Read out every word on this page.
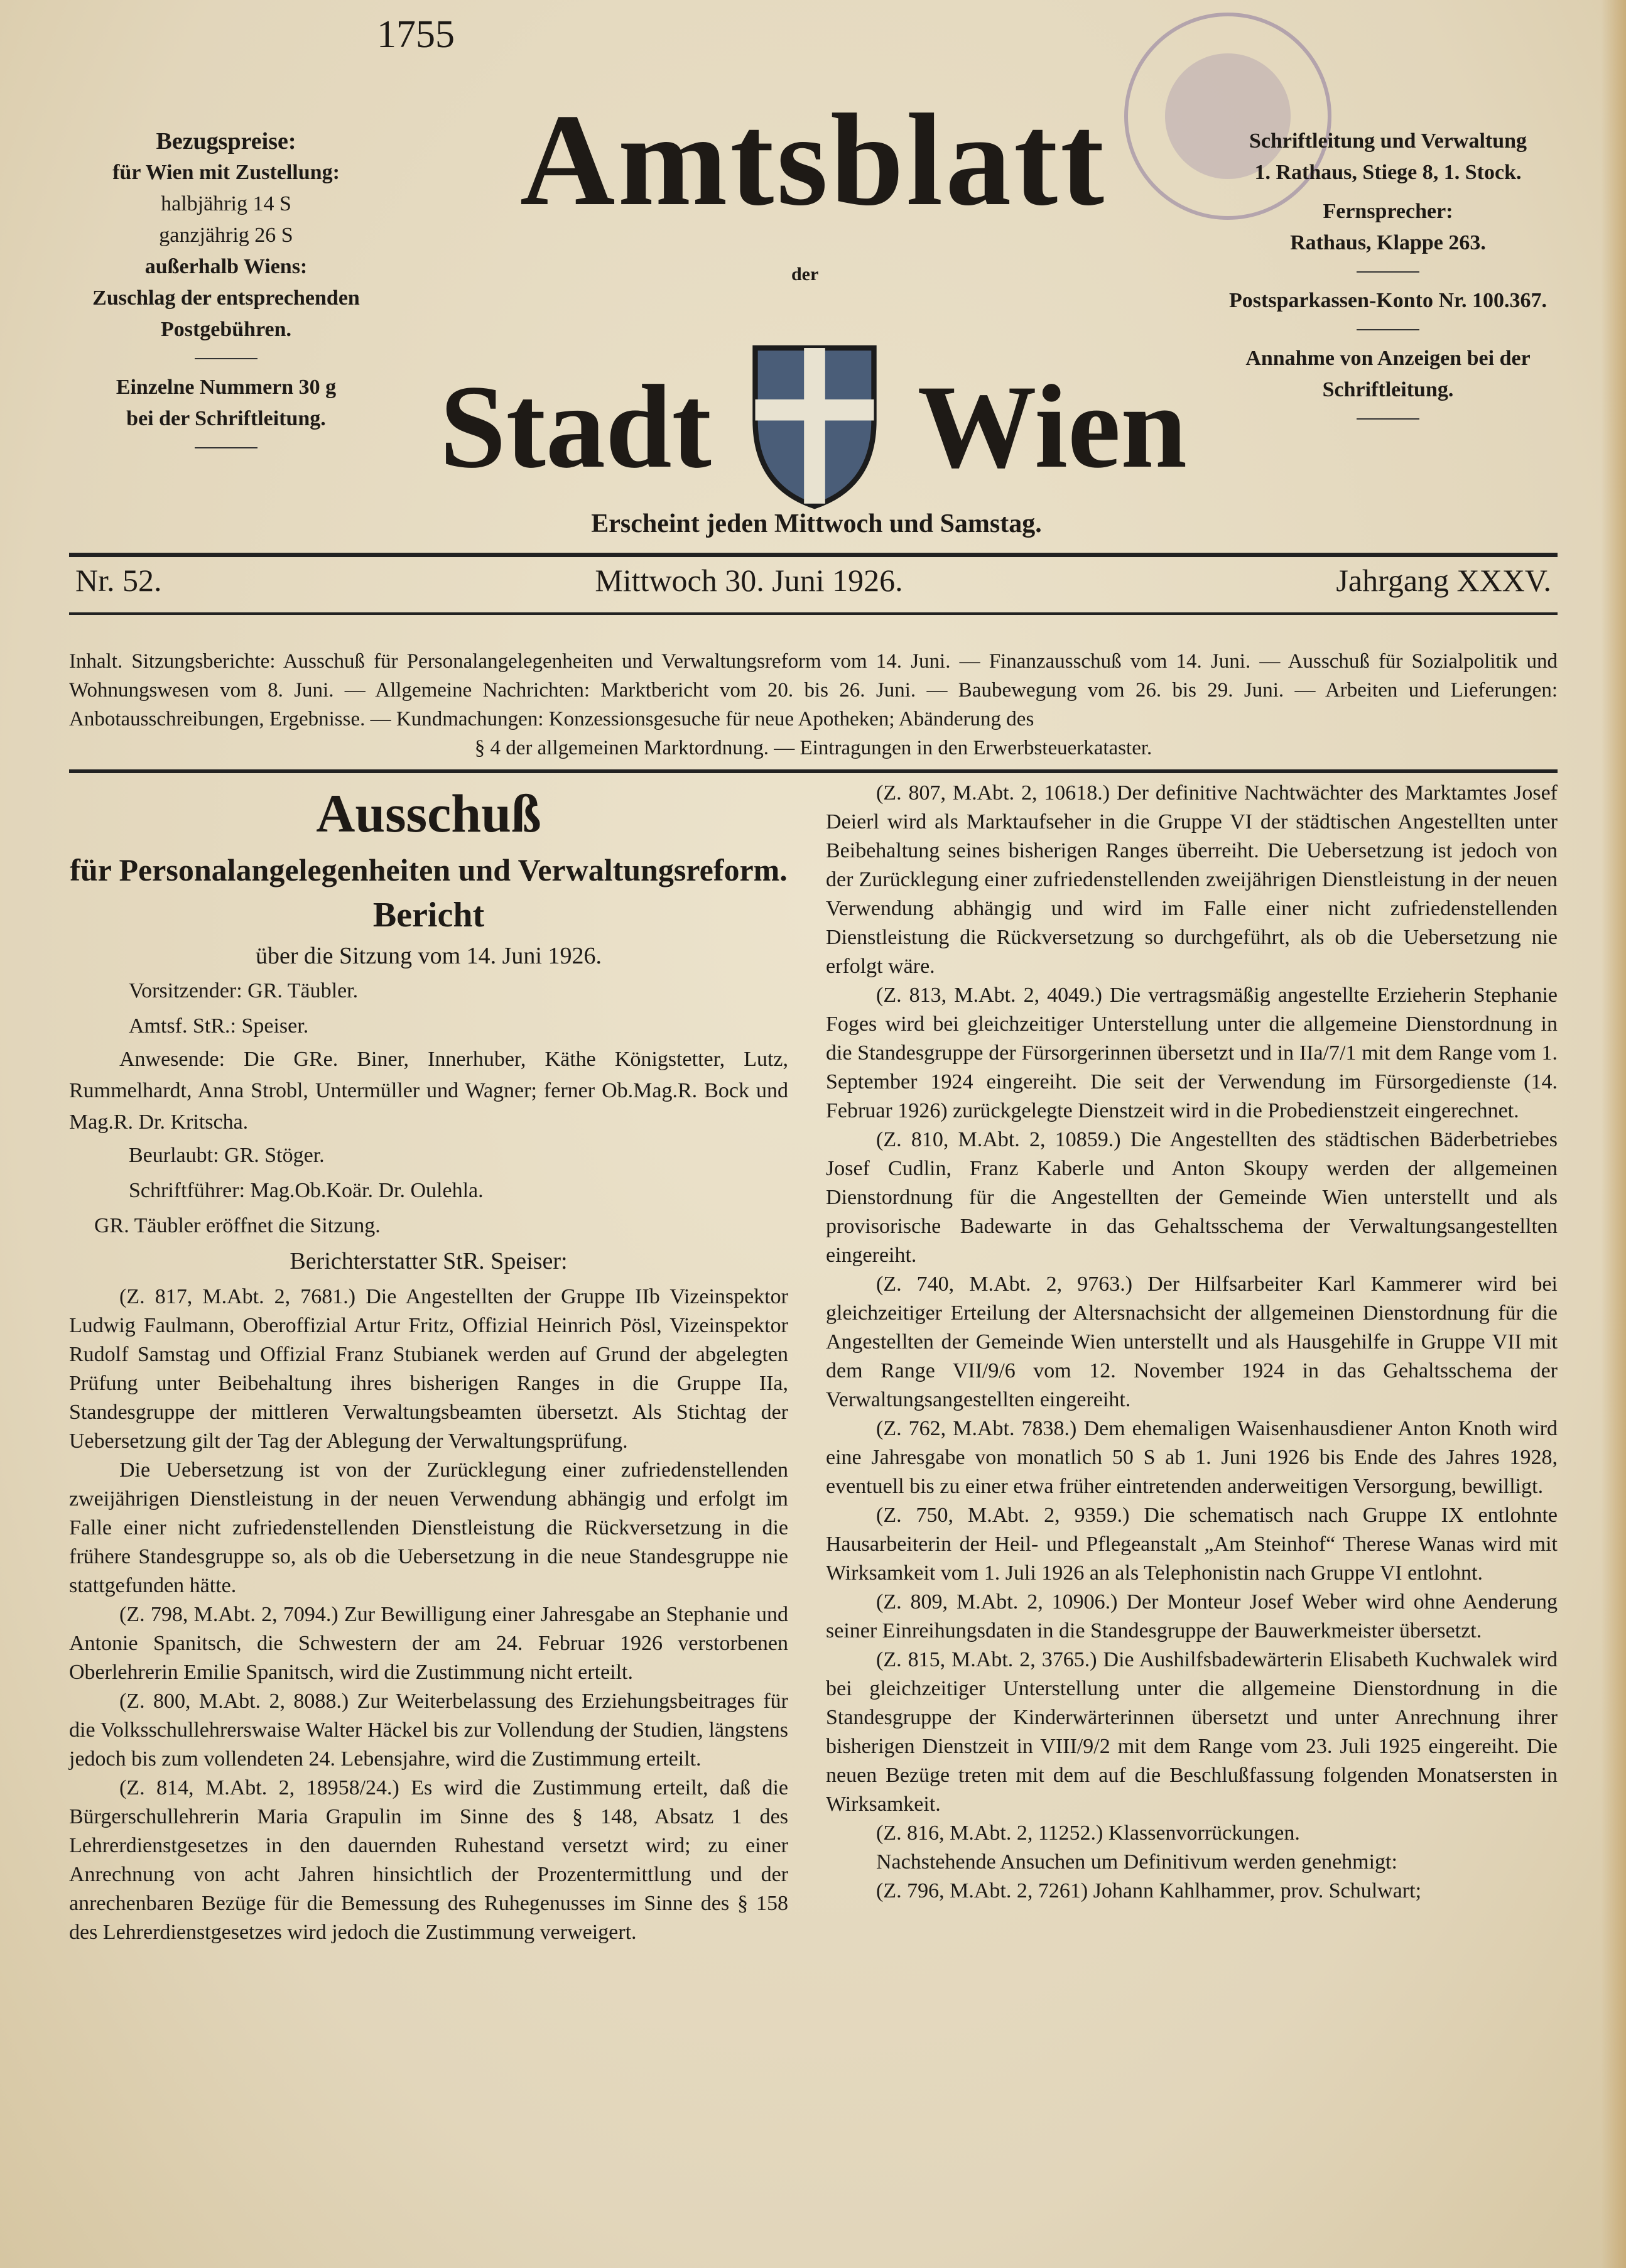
1755
Bezugspreise:
für Wien mit Zustellung:
halbjährig 14 S
ganzjährig 26 S
außerhalb Wiens:
Zuschlag der entsprechenden
Postgebühren.
Einzelne Nummern 30 g
bei der Schriftleitung.
Amtsblatt
der
Stadt Wien
Erscheint jeden Mittwoch und Samstag.
Schriftleitung und Verwaltung
1. Rathaus, Stiege 8, 1. Stock.
Fernsprecher:
Rathaus, Klappe 263.
Postsparkassen-Konto Nr. 100.367.
Annahme von Anzeigen bei der
Schriftleitung.
Nr. 52.	Mittwoch 30. Juni 1926.	Jahrgang XXXV.
Inhalt. Sitzungsberichte: Ausschuß für Personalangelegenheiten und Verwaltungsreform vom 14. Juni. — Finanzausschuß vom 14. Juni. — Ausschuß für Sozialpolitik und Wohnungswesen vom 8. Juni. — Allgemeine Nachrichten: Marktbericht vom 20. bis 26. Juni. — Baubewegung vom 26. bis 29. Juni. — Arbeiten und Lieferungen: Anbotausschreibungen, Ergebnisse. — Kundmachungen: Konzessionsgesuche für neue Apotheken; Abänderung des
§ 4 der allgemeinen Marktordnung. — Eintragungen in den Erwerbsteuerkataster.
Ausschuß
für Personalangelegenheiten und Verwaltungsreform.
Bericht
über die Sitzung vom 14. Juni 1926.
Vorsitzender: GR. Täubler.
Amtsf. StR.: Speiser.

Anwesende: Die GRe. Biner, Innerhuber, Käthe Königstetter, Lutz, Rummelhardt, Anna Strobl, Untermüller und Wagner; ferner Ob.Mag.R. Bock und Mag.R. Dr. Kritscha.

Beurlaubt: GR. Stöger.
Schriftführer: Mag.Ob.Koär. Dr. Oulehla.
GR. Täubler eröffnet die Sitzung.
Berichterstatter StR. Speiser:

(Z. 817, M.Abt. 2, 7681.) Die Angestellten der Gruppe IIb Vizeinspektor Ludwig Faulmann, Oberoffizial Artur Fritz, Offizial Heinrich Pösl, Vizeinspektor Rudolf Samstag und Offizial Franz Stubianek werden auf Grund der abgelegten Prüfung unter Beibehaltung ihres bisherigen Ranges in die Gruppe IIa, Standesgruppe der mittleren Verwaltungsbeamten übersetzt. Als Stichtag der Uebersetzung gilt der Tag der Ablegung der Verwaltungsprüfung.

Die Uebersetzung ist von der Zurücklegung einer zufriedenstellenden zweijährigen Dienstleistung in der neuen Verwendung abhängig und erfolgt im Falle einer nicht zufriedenstellenden Dienstleistung die Rückversetzung in die frühere Standesgruppe so, als ob die Uebersetzung in die neue Standesgruppe nie stattgefunden hätte.

(Z. 798, M.Abt. 2, 7094.) Zur Bewilligung einer Jahresgabe an Stephanie und Antonie Spanitsch, die Schwestern der am 24. Februar 1926 verstorbenen Oberlehrerin Emilie Spanitsch, wird die Zustimmung nicht erteilt.

(Z. 800, M.Abt. 2, 8088.) Zur Weiterbelassung des Erziehungsbeitrages für die Volksschullehrerswaise Walter Häckel bis zur Vollendung der Studien, längstens jedoch bis zum vollendeten 24. Lebensjahre, wird die Zustimmung erteilt.

(Z. 814, M.Abt. 2, 18958/24.) Es wird die Zustimmung erteilt, daß die Bürgerschullehrerin Maria Grapulin im Sinne des § 148, Absatz 1 des Lehrerdienstgesetzes in den dauernden Ruhestand versetzt wird; zu einer Anrechnung von acht Jahren hinsichtlich der Prozentermittlung und der anrechenbaren Bezüge für die Bemessung des Ruhegenusses im Sinne des § 158 des Lehrerdienstgesetzes wird jedoch die Zustimmung verweigert.

(Z. 807, M.Abt. 2, 10618.) Der definitive Nachtwächter des Marktamtes Josef Deierl wird als Marktaufseher in die Gruppe VI der städtischen Angestellten unter Beibehaltung seines bisherigen Ranges überreiht. Die Uebersetzung ist jedoch von der Zurücklegung einer zufriedenstellenden zweijährigen Dienstleistung in der neuen Verwendung abhängig und wird im Falle einer nicht zufriedenstellenden Dienstleistung die Rückversetzung so durchgeführt, als ob die Uebersetzung nie erfolgt wäre.

(Z. 813, M.Abt. 2, 4049.) Die vertragsmäßig angestellte Erzieherin Stephanie Foges wird bei gleichzeitiger Unterstellung unter die allgemeine Dienstordnung in die Standesgruppe der Fürsorgerinnen übersetzt und in IIa/7/1 mit dem Range vom 1. September 1924 eingereiht. Die seit der Verwendung im Fürsorgedienste (14. Februar 1926) zurückgelegte Dienstzeit wird in die Probedienstzeit eingerechnet.

(Z. 810, M.Abt. 2, 10859.) Die Angestellten des städtischen Bäderbetriebes Josef Cudlin, Franz Kaberle und Anton Skoupy werden der allgemeinen Dienstordnung für die Angestellten der Gemeinde Wien unterstellt und als provisorische Badewarte in das Gehaltsschema der Verwaltungsangestellten eingereiht.

(Z. 740, M.Abt. 2, 9763.) Der Hilfsarbeiter Karl Kammerer wird bei gleichzeitiger Erteilung der Altersnachsicht der allgemeinen Dienstordnung für die Angestellten der Gemeinde Wien unterstellt und als Hausgehilfe in Gruppe VII mit dem Range VII/9/6 vom 12. November 1924 in das Gehaltsschema der Verwaltungsangestellten eingereiht.

(Z. 762, M.Abt. 7838.) Dem ehemaligen Waisenhausdiener Anton Knoth wird eine Jahresgabe von monatlich 50 S ab 1. Juni 1926 bis Ende des Jahres 1928, eventuell bis zu einer etwa früher eintretenden anderweitigen Versorgung, bewilligt.

(Z. 750, M.Abt. 2, 9359.) Die schematisch nach Gruppe IX entlohnte Hausarbeiterin der Heil- und Pflegeanstalt „Am Steinhof“ Therese Wanas wird mit Wirksamkeit vom 1. Juli 1926 an als Telephonistin nach Gruppe VI entlohnt.

(Z. 809, M.Abt. 2, 10906.) Der Monteur Josef Weber wird ohne Aenderung seiner Einreihungsdaten in die Standesgruppe der Bauwerkmeister übersetzt.

(Z. 815, M.Abt. 2, 3765.) Die Aushilfsbadewärterin Elisabeth Kuchwalek wird bei gleichzeitiger Unterstellung unter die allgemeine Dienstordnung in die Standesgruppe der Kinderwärterinnen übersetzt und unter Anrechnung ihrer bisherigen Dienstzeit in VIII/9/2 mit dem Range vom 23. Juli 1925 eingereiht. Die neuen Bezüge treten mit dem auf die Beschlußfassung folgenden Monatsersten in Wirksamkeit.

(Z. 816, M.Abt. 2, 11252.) Klassenvorrückungen.

Nachstehende Ansuchen um Definitivum werden genehmigt:

(Z. 796, M.Abt. 2, 7261) Johann Kahlhammer, prov. Schulwart;
